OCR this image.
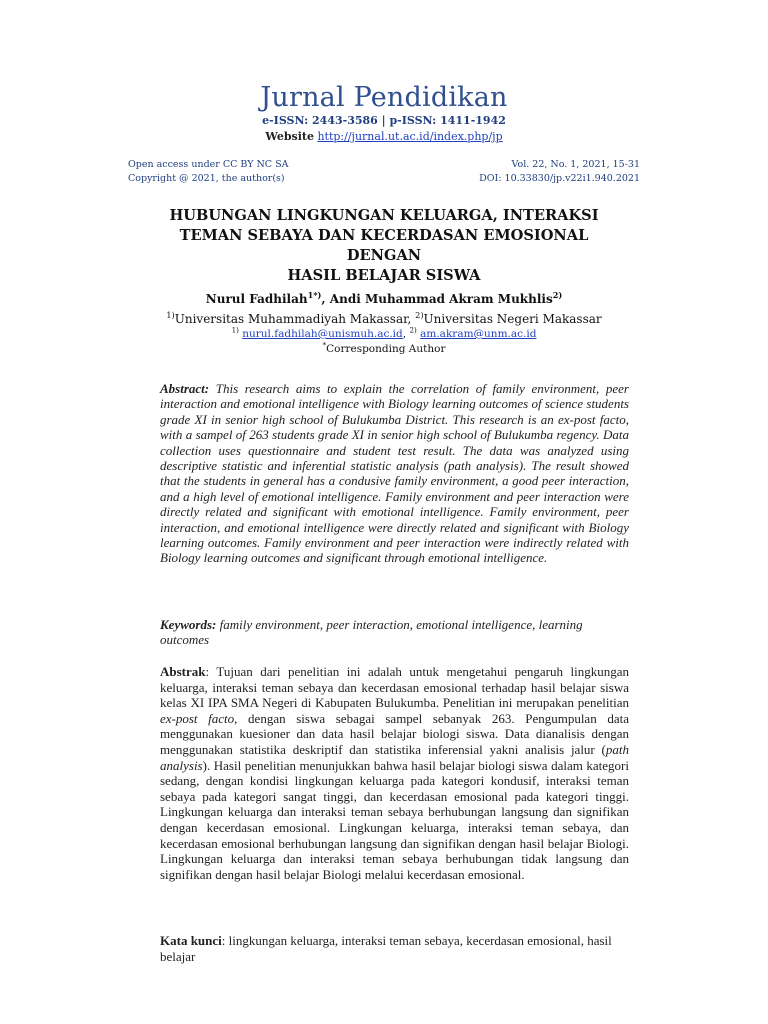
Jurnal Pendidikan
e-ISSN: 2443-3586 | p-ISSN: 1411-1942
Website http://jurnal.ut.ac.id/index.php/jp
Open access under CC BY NC SA
Copyright @ 2021, the author(s)
Vol. 22, No. 1, 2021, 15-31
DOI: 10.33830/jp.v22i1.940.2021
HUBUNGAN LINGKUNGAN KELUARGA, INTERAKSI
TEMAN SEBAYA DAN KECERDASAN EMOSIONAL DENGAN
HASIL BELAJAR SISWA
Nurul Fadhilah$^{1*)}$, Andi Muhammad Akram Mukhlis$^{2)}$
$^{1)}$Universitas Muhammadiyah Makassar, $^{2)}$Universitas Negeri Makassar
$^{1)}$ nurul.fadhilah@unismuh.ac.id, $^{2)}$ am.akram@unm.ac.id
*Corresponding Author
Abstract: This research aims to explain the correlation of family environment, peer interaction and emotional intelligence with Biology learning outcomes of science students grade XI in senior high school of Bulukumba District. This research is an ex-post facto, with a sampel of 263 students grade XI in senior high school of Bulukumba regency. Data collection uses questionnaire and student test result. The data was analyzed using descriptive statistic and inferential statistic analysis (path analysis). The result showed that the students in general has a condusive family environment, a good peer interaction, and a high level of emotional intelligence. Family environment and peer interaction were directly related and significant with emotional intelligence. Family environment, peer interaction, and emotional intelligence were directly related and significant with Biology learning outcomes. Family environment and peer interaction were indirectly related with Biology learning outcomes and significant through emotional intelligence.
Keywords: family environment, peer interaction, emotional intelligence, learning outcomes
Abstrak: Tujuan dari penelitian ini adalah untuk mengetahui pengaruh lingkungan keluarga, interaksi teman sebaya dan kecerdasan emosional terhadap hasil belajar siswa kelas XI IPA SMA Negeri di Kabupaten Bulukumba. Penelitian ini merupakan penelitian ex-post facto, dengan siswa sebagai sampel sebanyak 263. Pengumpulan data menggunakan kuesioner dan data hasil belajar biologi siswa. Data dianalisis dengan menggunakan statistika deskriptif dan statistika inferensial yakni analisis jalur (path analysis). Hasil penelitian menunjukkan bahwa hasil belajar biologi siswa dalam kategori sedang, dengan kondisi lingkungan keluarga pada kategori kondusif, interaksi teman sebaya pada kategori sangat tinggi, dan kecerdasan emosional pada kategori tinggi. Lingkungan keluarga dan interaksi teman sebaya berhubungan langsung dan signifikan dengan kecerdasan emosional. Lingkungan keluarga, interaksi teman sebaya, dan kecerdasan emosional berhubungan langsung dan signifikan dengan hasil belajar Biologi. Lingkungan keluarga dan interaksi teman sebaya berhubungan tidak langsung dan signifikan dengan hasil belajar Biologi melalui kecerdasan emosional.
Kata kunci: lingkungan keluarga, interaksi teman sebaya, kecerdasan emosional, hasil belajar
